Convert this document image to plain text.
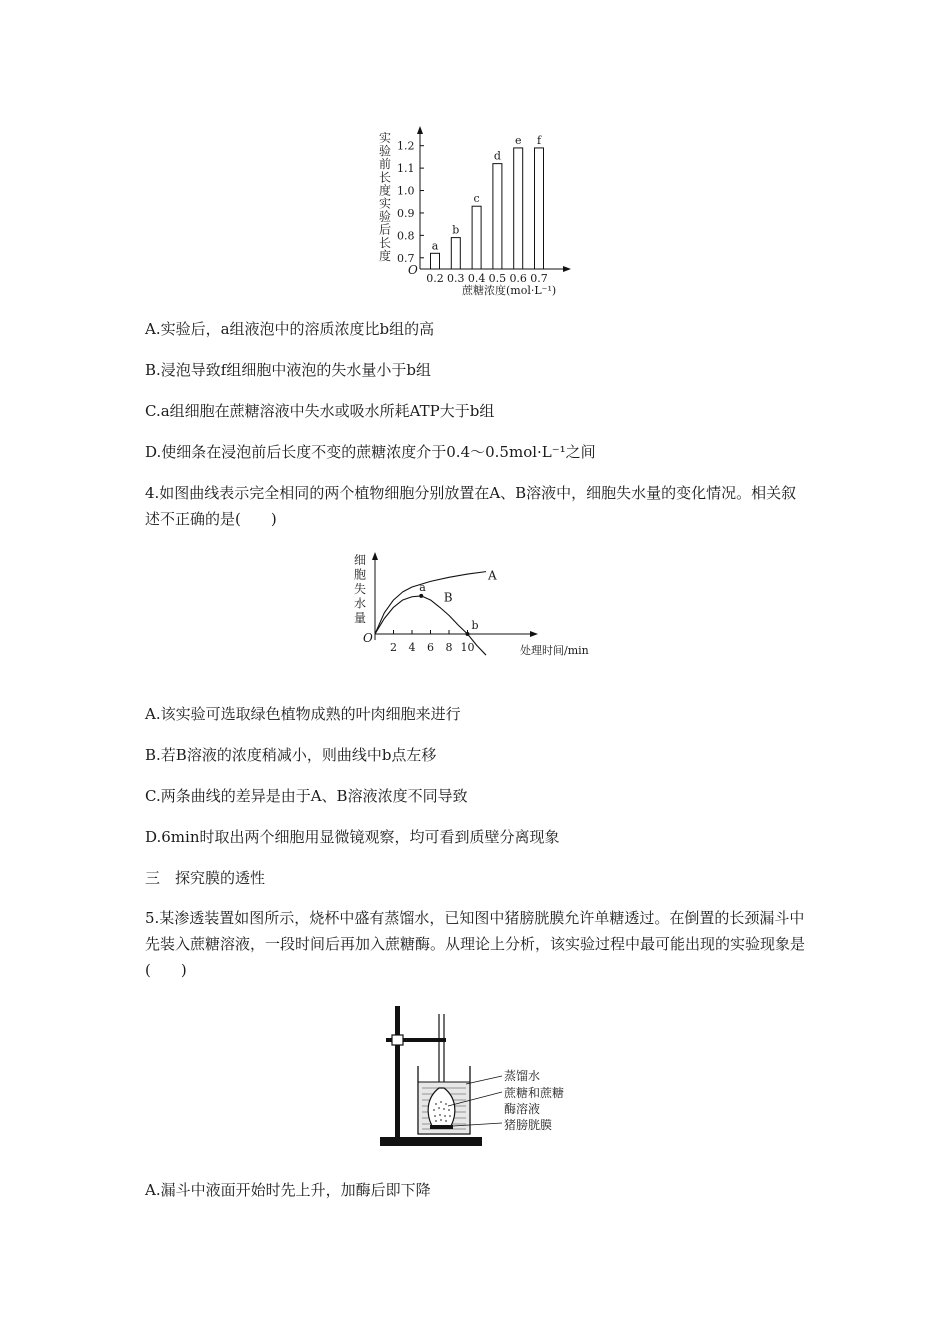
实
验
前
长
度
实
验
后
长
度
O
0.7
0.8
0.9
1.0
1.1
1.2
a
0.2
b
0.3
c
0.4
d
0.5
e
0.6
f
0.7
蔗糖浓度(mol·L⁻¹)
A.实验后，a组液泡中的溶质浓度比b组的高
B.浸泡导致f组细胞中液泡的失水量小于b组
C.a组细胞在蔗糖溶液中失水或吸水所耗ATP大于b组
D.使细条在浸泡前后长度不变的蔗糖浓度介于0.4～0.5mol·L⁻¹之间
4.如图曲线表示完全相同的两个植物细胞分别放置在A、B溶液中，细胞失水量的变化情况。相关叙述不正确的是(　　)
细
胞
失
水
量
O
2 4 6 8 10
A
B
a
b
处理时间/min
A.该实验可选取绿色植物成熟的叶肉细胞来进行
B.若B溶液的浓度稍减小，则曲线中b点左移
C.两条曲线的差异是由于A、B溶液浓度不同导致
D.6min时取出两个细胞用显微镜观察，均可看到质壁分离现象
三　探究膜的透性
5.某渗透装置如图所示，烧杯中盛有蒸馏水，已知图中猪膀胱膜允许单糖透过。在倒置的长颈漏斗中先装入蔗糖溶液，一段时间后再加入蔗糖酶。从理论上分析，该实验过程中最可能出现的实验现象是(　　)
蒸馏水
蔗糖和蔗糖
酶溶液
猪膀胱膜
A.漏斗中液面开始时先上升，加酶后即下降
